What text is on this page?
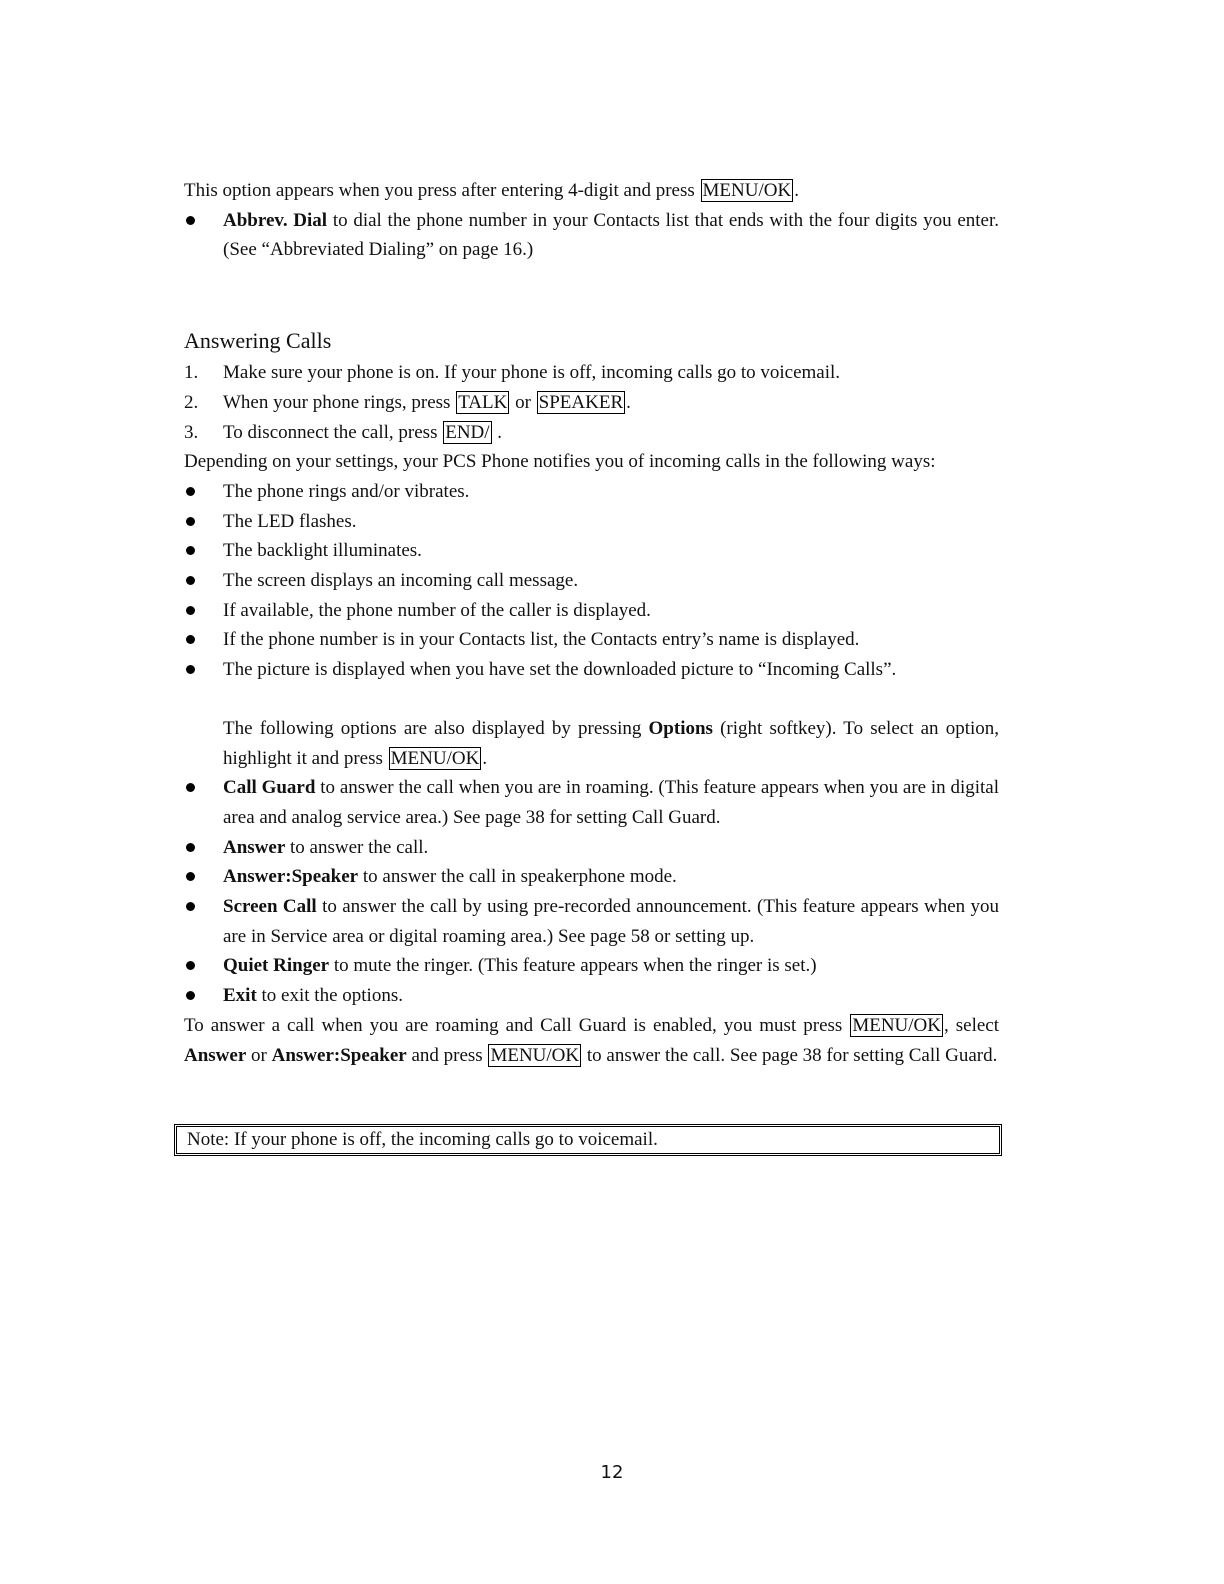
This option appears when you press after entering 4-digit and press MENU/OK .

Abbrev. Dial to dial the phone number in your Contacts list that ends with the four digits you enter. (See “Abbreviated Dialing” on page 16.)

Answering Calls

1. Make sure your phone is on. If your phone is off, incoming calls go to voicemail.

2. When your phone rings, press TALK or SPEAKER .

3. To disconnect the call, press END/ .

Depending on your settings, your PCS Phone notifies you of incoming calls in the following ways:

The phone rings and/or vibrates.

The LED flashes.

The backlight illuminates.

The screen displays an incoming call message.

If available, the phone number of the caller is displayed.

If the phone number is in your Contacts list, the Contacts entry’s name is displayed.

The picture is displayed when you have set the downloaded picture to “Incoming Calls”.

The following options are also displayed by pressing Options (right softkey). To select an option, highlight it and press MENU/OK .

Call Guard to answer the call when you are in roaming. (This feature appears when you are in digital area and analog service area.) See page 38 for setting Call Guard.

Answer to answer the call.

Answer:Speaker to answer the call in speakerphone mode.

Screen Call to answer the call by using pre-recorded announcement. (This feature appears when you are in Service area or digital roaming area.) See page 58 or setting up.

Quiet Ringer to mute the ringer. (This feature appears when the ringer is set.)

Exit to exit the options.

To answer a call when you are roaming and Call Guard is enabled, you must press MENU/OK , select Answer or Answer:Speaker and press MENU/OK to answer the call. See page 38 for setting Call Guard.

Note: If your phone is off, the incoming calls go to voicemail.
12
